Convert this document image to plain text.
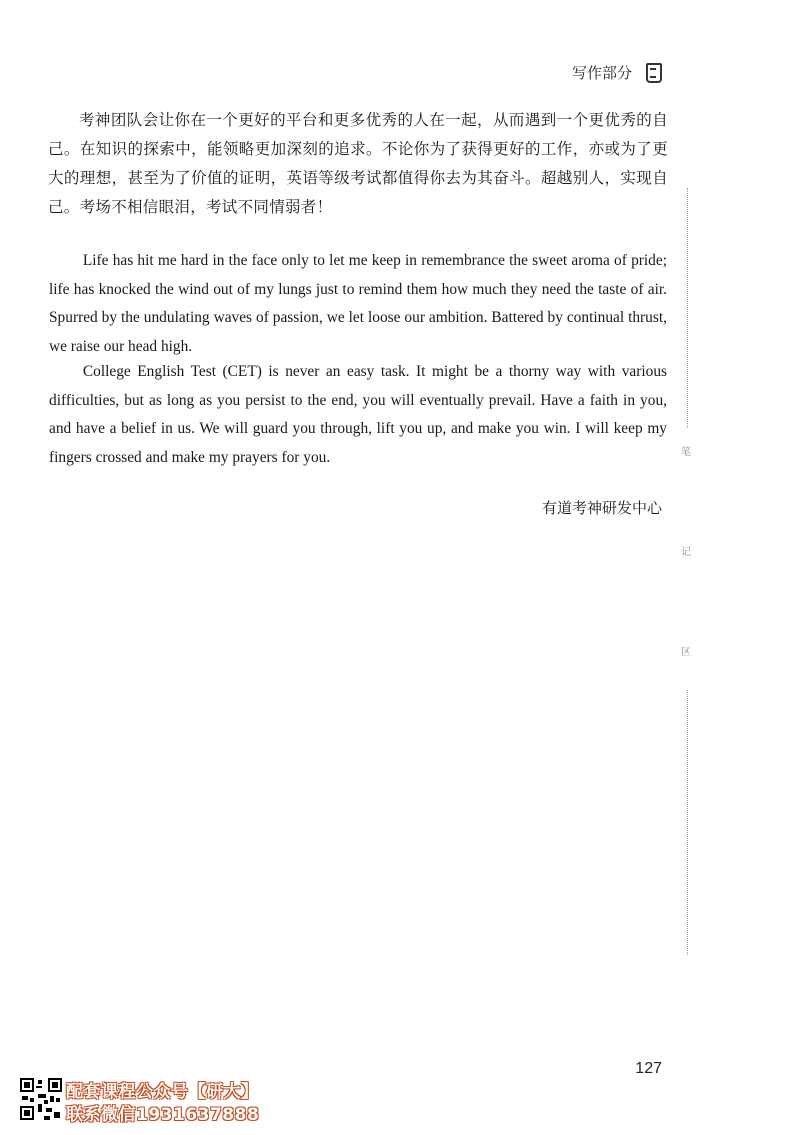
写作部分
考神团队会让你在一个更好的平台和更多优秀的人在一起，从而遇到一个更优秀的自己。在知识的探索中，能领略更加深刻的追求。不论你为了获得更好的工作，亦或为了更大的理想，甚至为了价值的证明，英语等级考试都值得你去为其奋斗。超越别人，实现自己。考场不相信眼泪，考试不同情弱者！

Life has hit me hard in the face only to let me keep in remembrance the sweet aroma of pride; life has knocked the wind out of my lungs just to remind them how much they need the taste of air. Spurred by the undulating waves of passion, we let loose our ambition. Battered by continual thrust, we raise our head high.

College English Test (CET) is never an easy task. It might be a thorny way with various difficulties, but as long as you persist to the end, you will eventually prevail. Have a faith in you, and have a belief in us. We will guard you through, lift you up, and make you win. I will keep my fingers crossed and make my prayers for you.

有道考神研发中心
笔
记
区
127
配套课程公众号【研大】
联系微信1931637888
